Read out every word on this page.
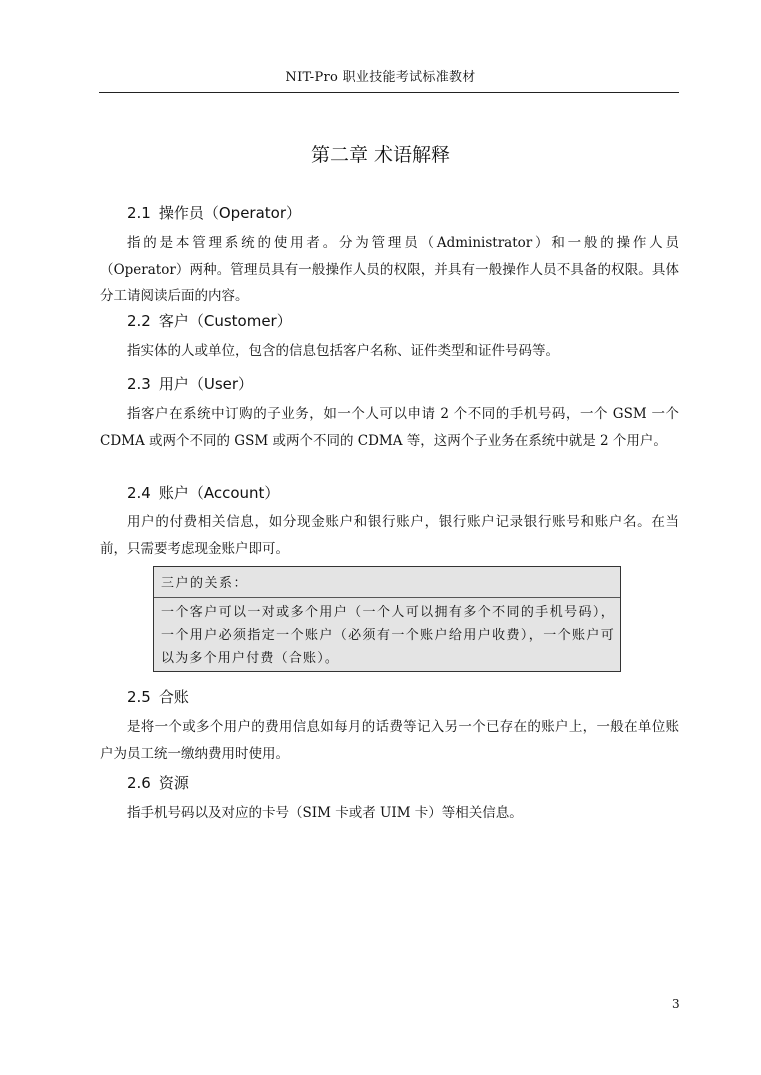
NIT-Pro 职业技能考试标准教材
第二章 术语解释
2.1 操作员（Operator）
指的是本管理系统的使用者。分为管理员（Administrator）和一般的操作人员（Operator）两种。管理员具有一般操作人员的权限，并具有一般操作人员不具备的权限。具体分工请阅读后面的内容。
2.2 客户（Customer）
指实体的人或单位，包含的信息包括客户名称、证件类型和证件号码等。
2.3 用户（User）
指客户在系统中订购的子业务，如一个人可以申请 2 个不同的手机号码，一个 GSM 一个 CDMA 或两个不同的 GSM 或两个不同的 CDMA 等，这两个子业务在系统中就是 2 个用户。
2.4 账户（Account）
用户的付费相关信息，如分现金账户和银行账户，银行账户记录银行账号和账户名。在当前，只需要考虑现金账户即可。
三户的关系：
一个客户可以一对或多个用户（一个人可以拥有多个不同的手机号码），一个用户必须指定一个账户（必须有一个账户给用户收费），一个账户可以为多个用户付费（合账）。
2.5 合账
是将一个或多个用户的费用信息如每月的话费等记入另一个已存在的账户上，一般在单位账户为员工统一缴纳费用时使用。
2.6 资源
指手机号码以及对应的卡号（SIM 卡或者 UIM 卡）等相关信息。
3
